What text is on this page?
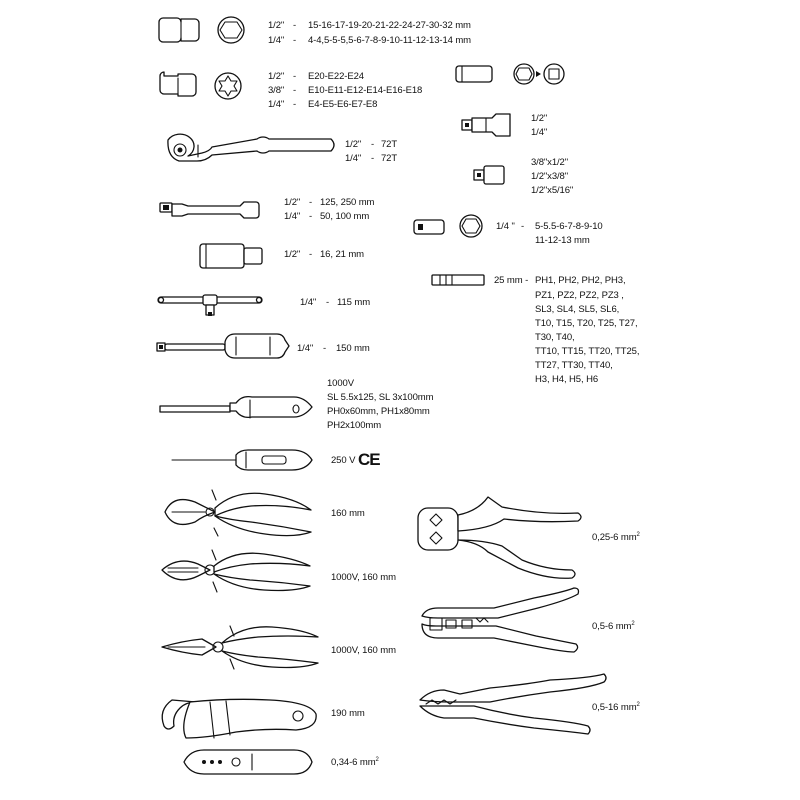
1/2" - 15-16-17-19-20-21-22-24-27-30-32 mm
1/4" - 4-4,5-5-5,5-6-7-8-9-10-11-12-13-14 mm
1/2" - E20-E22-E24
3/8" - E10-E11-E12-E14-E16-E18
1/4" - E4-E5-E6-E7-E8
1/2" - 72T
1/4" - 72T
1/2" - 125, 250 mm
1/4" - 50, 100 mm
1/2" - 16, 21 mm
1/4" - 115 mm
1/4" - 150 mm
1000V
SL 5.5x125, SL 3x100mm
PH0x60mm, PH1x80mm
PH2x100mm
250 V CE
160 mm
1000V, 160 mm
1000V, 160 mm
190 mm
0,34-6 $mm^2$
1/2"
1/4"
3/8"x1/2"
1/2"x3/8"
1/2"x5/16"
1/4 " - 5-5.5-6-7-8-9-10
11-12-13 mm
25 mm - PH1, PH2, PH2, PH3,
PZ1, PZ2, PZ2, PZ3 ,
SL3, SL4, SL5, SL6,
T10, T15, T20, T25, T27,
T30, T40,
TT10, TT15, TT20, TT25,
TT27, TT30, TT40,
H3, H4, H5, H6
0,25-6 $mm^2$
0,5-6 $mm^2$
0,5-16 $mm^2$
